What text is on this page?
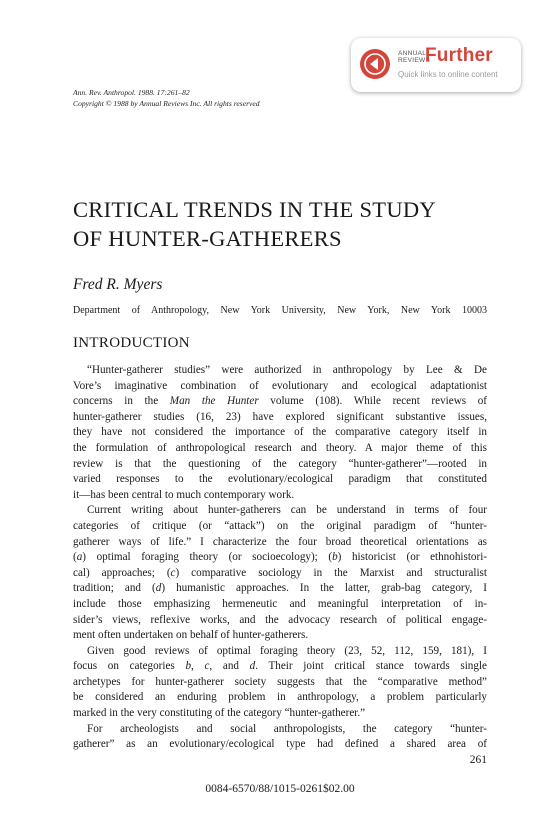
ANNUAL
REVIEWS
Further
Quick links to online content
Ann. Rev. Anthropol. 1988. 17:261–82
Copyright © 1988 by Annual Reviews Inc. All rights reserved
CRITICAL TRENDS IN THE STUDY
OF HUNTER-GATHERERS
Fred R. Myers
Department of Anthropology, New York University, New York, New York 10003
INTRODUCTION
“Hunter-gatherer studies” were authorized in anthropology by Lee & De
Vore’s imaginative combination of evolutionary and ecological adaptationist
concerns in the Man the Hunter volume (108). While recent reviews of
hunter-gatherer studies (16, 23) have explored significant substantive issues,
they have not considered the importance of the comparative category itself in
the formulation of anthropological research and theory. A major theme of this
review is that the questioning of the category “hunter-gatherer”—rooted in
varied responses to the evolutionary/ecological paradigm that constituted
it—has been central to much contemporary work.
Current writing about hunter-gatherers can be understand in terms of four
categories of critique (or “attack”) on the original paradigm of “hunter-
gatherer ways of life.” I characterize the four broad theoretical orientations as
(a) optimal foraging theory (or socioecology); (b) historicist (or ethnohistori-
cal) approaches; (c) comparative sociology in the Marxist and structuralist
tradition; and (d) humanistic approaches. In the latter, grab-bag category, I
include those emphasizing hermeneutic and meaningful interpretation of in-
sider’s views, reflexive works, and the advocacy research of political engage-
ment often undertaken on behalf of hunter-gatherers.
Given good reviews of optimal foraging theory (23, 52, 112, 159, 181), I
focus on categories b, c, and d. Their joint critical stance towards single
archetypes for hunter-gatherer society suggests that the “comparative method”
be considered an enduring problem in anthropology, a problem particularly
marked in the very constituting of the category “hunter-gatherer.”
For archeologists and social anthropologists, the category “hunter-
gatherer” as an evolutionary/ecological type had defined a shared area of
261
0084-6570/88/1015-0261$02.00
